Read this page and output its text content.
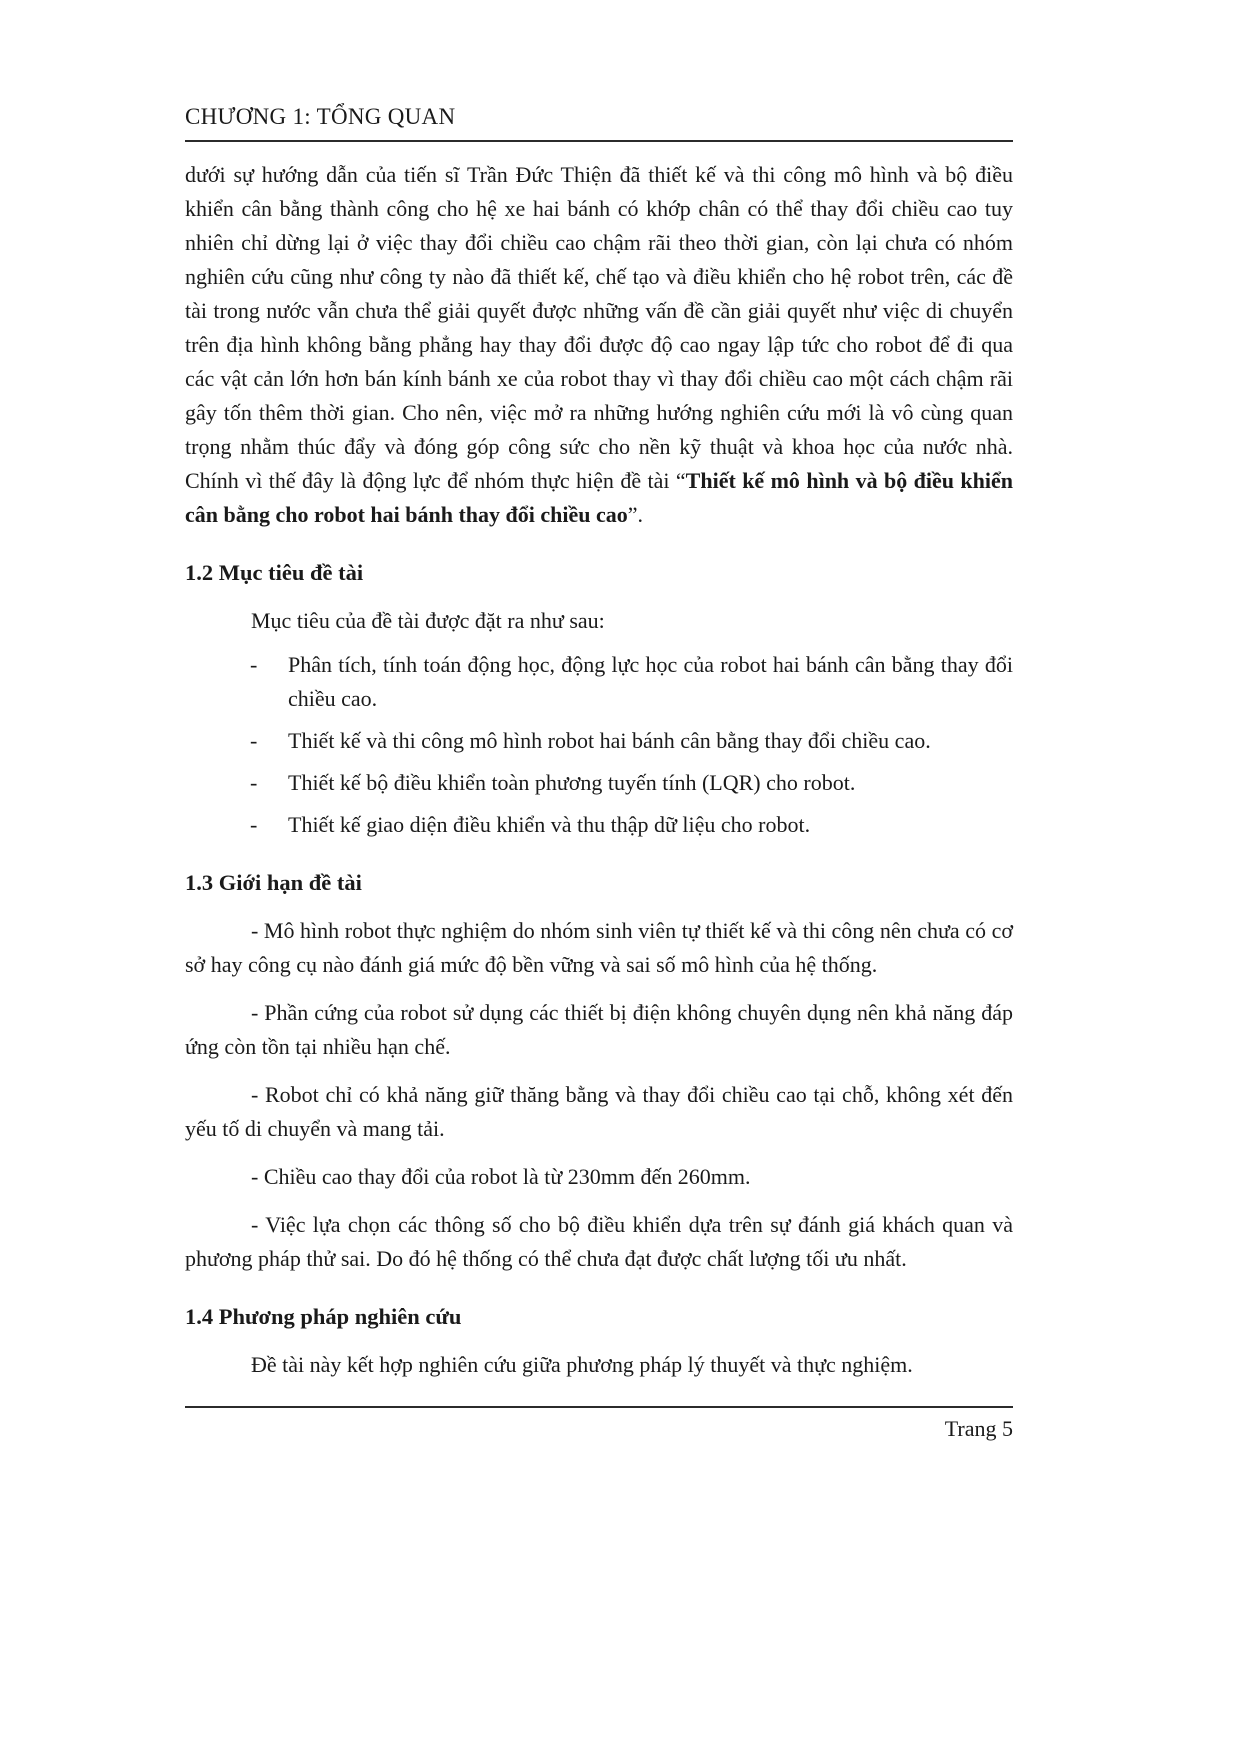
CHƯƠNG 1: TỔNG QUAN

dưới sự hướng dẫn của tiến sĩ Trần Đức Thiện đã thiết kế và thi công mô hình và bộ điều khiển cân bằng thành công cho hệ xe hai bánh có khớp chân có thể thay đổi chiều cao tuy nhiên chỉ dừng lại ở việc thay đổi chiều cao chậm rãi theo thời gian, còn lại chưa có nhóm nghiên cứu cũng như công ty nào đã thiết kế, chế tạo và điều khiển cho hệ robot trên, các đề tài trong nước vẫn chưa thể giải quyết được những vấn đề cần giải quyết như việc di chuyển trên địa hình không bằng phẳng hay thay đổi được độ cao ngay lập tức cho robot để đi qua các vật cản lớn hơn bán kính bánh xe của robot thay vì thay đổi chiều cao một cách chậm rãi gây tốn thêm thời gian. Cho nên, việc mở ra những hướng nghiên cứu mới là vô cùng quan trọng nhằm thúc đẩy và đóng góp công sức cho nền kỹ thuật và khoa học của nước nhà. Chính vì thế đây là động lực để nhóm thực hiện đề tài “Thiết kế mô hình và bộ điều khiển cân bằng cho robot hai bánh thay đổi chiều cao”.

1.2 Mục tiêu đề tài

Mục tiêu của đề tài được đặt ra như sau:

-	Phân tích, tính toán động học, động lực học của robot hai bánh cân bằng thay đổi chiều cao.
-	Thiết kế và thi công mô hình robot hai bánh cân bằng thay đổi chiều cao.
-	Thiết kế bộ điều khiển toàn phương tuyến tính (LQR) cho robot.
-	Thiết kế giao diện điều khiển và thu thập dữ liệu cho robot.
1.3 Giới hạn đề tài

- Mô hình robot thực nghiệm do nhóm sinh viên tự thiết kế và thi công nên chưa có cơ sở hay công cụ nào đánh giá mức độ bền vững và sai số mô hình của hệ thống.

- Phần cứng của robot sử dụng các thiết bị điện không chuyên dụng nên khả năng đáp ứng còn tồn tại nhiều hạn chế.

- Robot chỉ có khả năng giữ thăng bằng và thay đổi chiều cao tại chỗ, không xét đến yếu tố di chuyển và mang tải.

- Chiều cao thay đổi của robot là từ 230mm đến 260mm.

- Việc lựa chọn các thông số cho bộ điều khiển dựa trên sự đánh giá khách quan và phương pháp thử sai. Do đó hệ thống có thể chưa đạt được chất lượng tối ưu nhất.

1.4 Phương pháp nghiên cứu

Đề tài này kết hợp nghiên cứu giữa phương pháp lý thuyết và thực nghiệm.

Trang 5
